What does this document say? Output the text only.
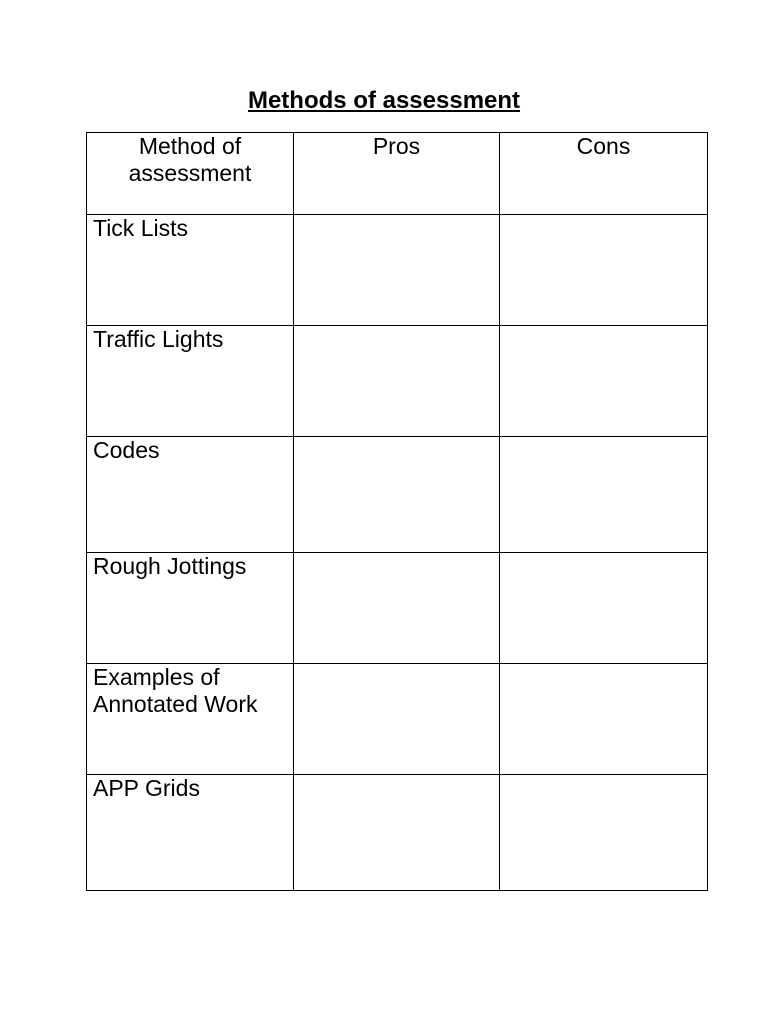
Methods of assessment
Method of assessment	Pros	Cons
Tick Lists		
Traffic Lights		
Codes		
Rough Jottings		
Examples of Annotated Work		
APP Grids		
